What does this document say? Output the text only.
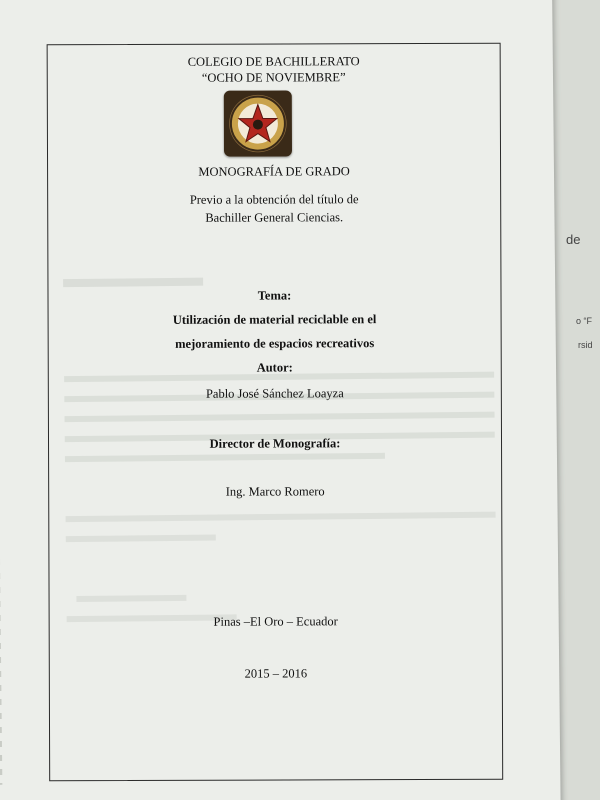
de
o “F
rsid
COLEGIO DE BACHILLERATO
“OCHO DE NOVIEMBRE”
MONOGRAFÍA DE GRADO
Previo a la obtención del título de
Bachiller General Ciencias.
Tema:
Utilización de material reciclable en el
mejoramiento de espacios recreativos
Autor:
Pablo José Sánchez Loayza
Director de Monografía:
Ing. Marco Romero
Pinas –El Oro – Ecuador
2015 – 2016
